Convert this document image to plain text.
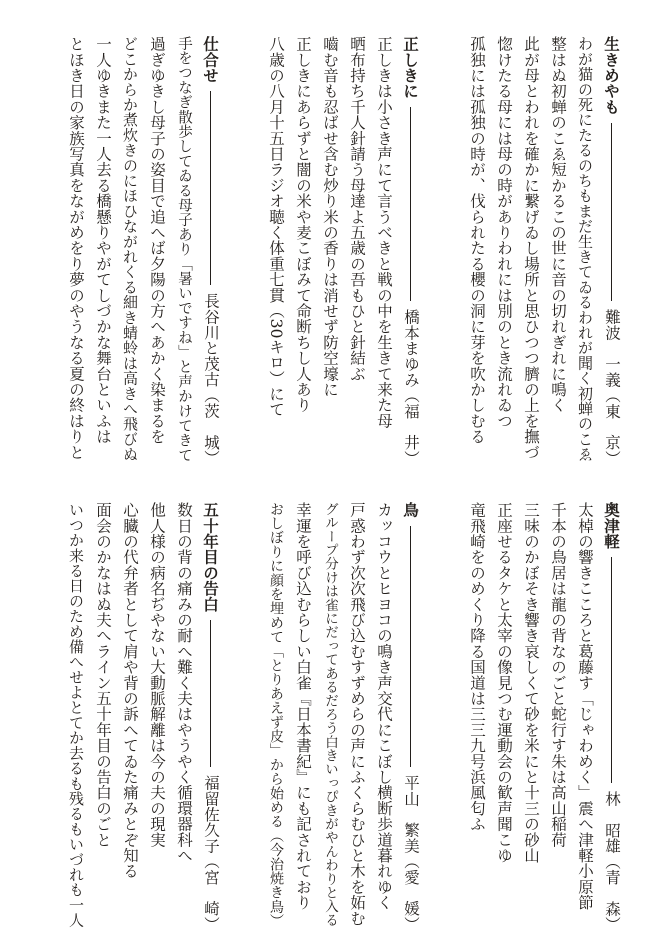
生きめやも
難波　一義（東　京）
わが猫の死にたるのちもまだ生きてゐるわれが聞く初蝉のこゑ
整はぬ初蝉のこゑ短かるこの世に音の切れぎれに鳴く
此が母とわれを確かに繋げゐし場所と思ひつつ臍の上を撫づ
惚けたる母には母の時がありわれには別のとき流れゐつ
孤独には孤独の時が、伐られたる櫻の洞に芽を吹かしむる
正しきに
橋本まゆみ（福　井）
正しきは小さき声にて言うべきと戦の中を生きて来た母
晒布持ち千人針請う母達よ五歳の吾もひと針結ぶ
嚙む音も忍ばせ含む炒り米の香りは消せず防空壕に
正しきにあらずと闇の米や麦こぼみて命断ちし人あり
八歳の八月十五日ラジオ聴く体重七貫（30キロ）にて
仕合せ
長谷川と茂古（茨　城）
手をつなぎ散歩してゐる母子あり「暑いですね」と声かけてきて
過ぎゆきし母子の姿目で追へば夕陽の方へあかく染まるを
どこからか煮炊きのにほひながれくる細き蜻蛉は高きへ飛びぬ
一人ゆきまた一人去る橋懸りやがてしづかな舞台といふは
とほき日の家族写真をながめをり夢のやうなる夏の終はりと
奥津軽
林　昭雄（青　森）
太棹の響きこころと葛藤す「じゃわめく」震へ津軽小原節
千本の鳥居は龍の背なのごと蛇行す朱は高山稲荷
三味のかぼそき響き哀しくて砂を米にと十三の砂山
正座せるタケと太宰の像見つむ運動会の歓声聞こゆ
竜飛崎をのめくり降る国道は三三九号浜風匂ふ
鳥
平山　繁美（愛　媛）
カッコウとヒヨコの鳴き声交代にこぼし横断歩道暮れゆく
戸惑わず次次飛び込むすずめらの声にふくらむひと木を妬む
グループ分けは雀にだってあるだろう白きいっぴきがやんわりと入る
幸運を呼び込むらしい白雀『日本書紀』にも記されており
おしぼりに顔を埋めて「とりあえず皮」から始める（今治焼き鳥）
五十年目の告白
福留佐久子（宮　崎）
数日の背の痛みの耐へ難く夫はやうやく循環器科へ
他人様の病名ぢやない大動脈解離は今の夫の現実
心臓の代弁者として肩や背の訴へてゐた痛みとぞ知る
面会のかなはぬ夫へライン五十年目の告白のごと
いつか来る日のため備へせよとてか去るも残るもいづれも一人
